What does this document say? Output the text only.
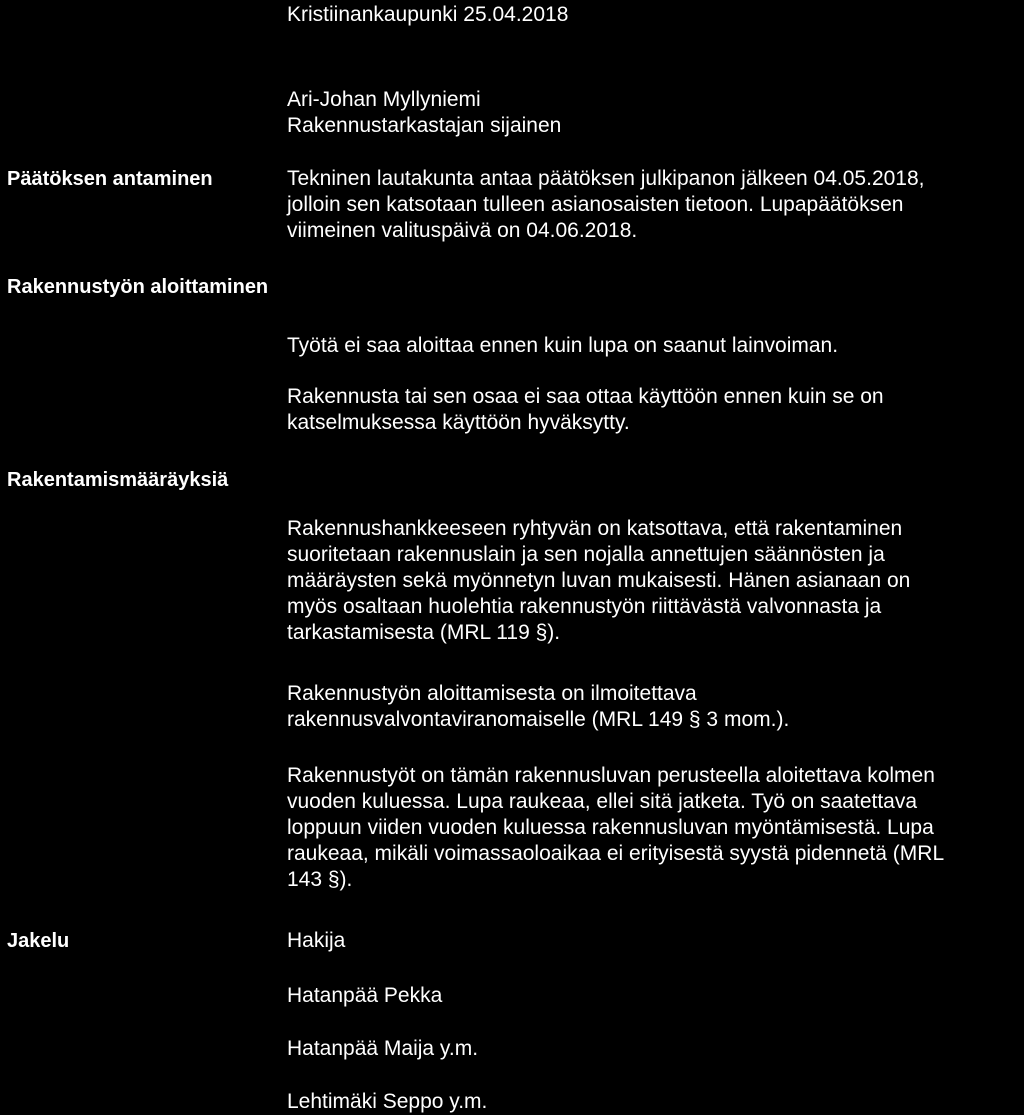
Kristiinankaupunki 25.04.2018
Ari-Johan Myllyniemi
Rakennustarkastajan sijainen
Päätöksen antaminen	Tekninen lautakunta antaa päätöksen julkipanon jälkeen 04.05.2018,
jolloin sen katsotaan tulleen asianosaisten tietoon. Lupapäätöksen
viimeinen valituspäivä on 04.06.2018.
Rakennustyön aloittaminen
Työtä ei saa aloittaa ennen kuin lupa on saanut lainvoiman.
Rakennusta tai sen osaa ei saa ottaa käyttöön ennen kuin se on
katselmuksessa käyttöön hyväksytty.
Rakentamismääräyksiä
Rakennushankkeeseen ryhtyvän on katsottava, että rakentaminen
suoritetaan rakennuslain ja sen nojalla annettujen säännösten ja
määräysten sekä myönnetyn luvan mukaisesti. Hänen asianaan on
myös osaltaan huolehtia rakennustyön riittävästä valvonnasta ja
tarkastamisesta (MRL 119 §).
Rakennustyön aloittamisesta on ilmoitettava
rakennusvalvontaviranomaiselle (MRL 149 § 3 mom.).
Rakennustyöt on tämän rakennusluvan perusteella aloitettava kolmen
vuoden kuluessa. Lupa raukeaa, ellei sitä jatketa. Työ on saatettava
loppuun viiden vuoden kuluessa rakennusluvan myöntämisestä. Lupa
raukeaa, mikäli voimassaoloaikaa ei erityisestä syystä pidennetä (MRL
143 §).
Jakelu	Hakija
Hatanpää Pekka
Hatanpää Maija y.m.
Lehtimäki Seppo y.m.
